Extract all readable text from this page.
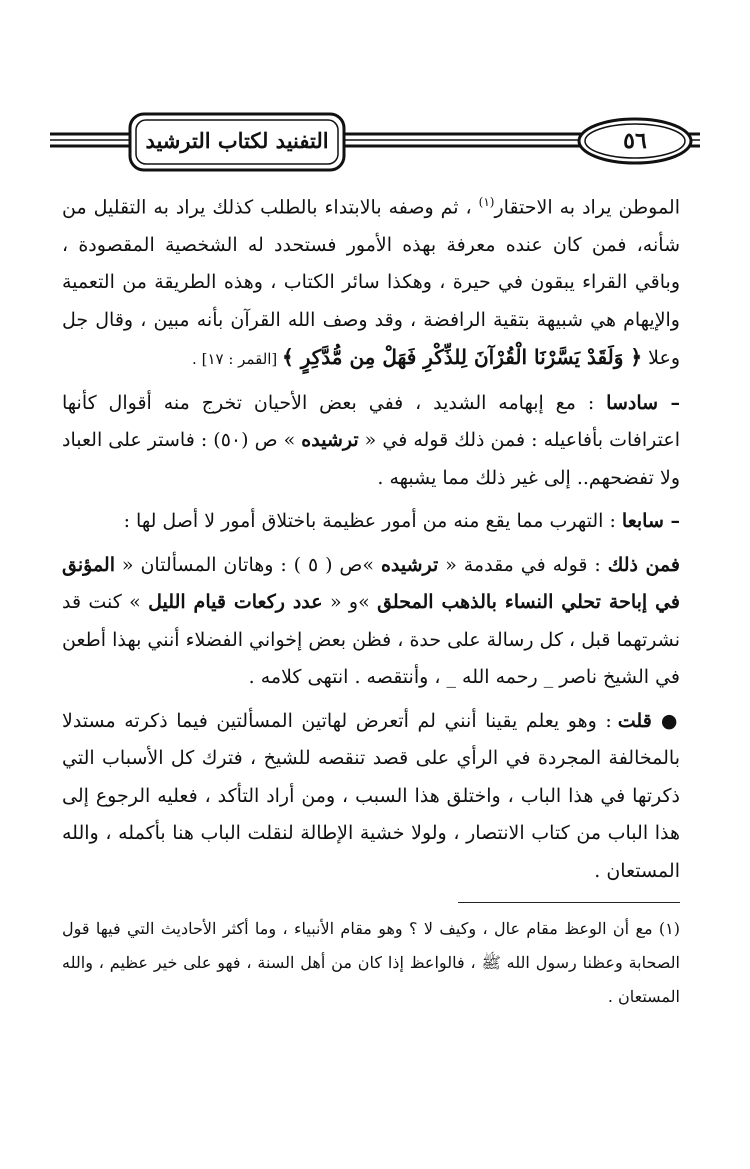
التفنيد لكتاب الترشيد	٥٦

الموطن يراد به الاحتقار$^{(١)}$ ، ثم وصفه بالابتداء بالطلب كذلك يراد به التقليل من شأنه، فمن كان عنده معرفة بهذه الأمور فستحدد له الشخصية المقصودة ، وباقي القراء يبقون في حيرة ، وهكذا سائر الكتاب ، وهذه الطريقة من التعمية والإيهام هي شبيهة بتقية الرافضة ، وقد وصف الله القرآن بأنه مبين ، وقال جل وعلا ﴿ وَلَقَدْ يَسَّرْنَا الْقُرْآنَ لِلذِّكْرِ فَهَلْ مِن مُّدَّكِرٍ ﴾ [القمر : ١٧] .

– سادسا : مع إبهامه الشديد ، ففي بعض الأحيان تخرج منه أقوال كأنها اعترافات بأفاعيله : فمن ذلك قوله في « ترشيده » ص (٥٠) : فاستر على العباد ولا تفضحهم.. إلى غير ذلك مما يشبهه .

– سابعا : التهرب مما يقع منه من أمور عظيمة باختلاق أمور لا أصل لها :

فمن ذلك : قوله في مقدمة « ترشيده »ص ( ٥ ) : وهاتان المسألتان « المؤنق في إباحة تحلي النساء بالذهب المحلق »و « عدد ركعات قيام الليل » كنت قد نشرتهما قبل ، كل رسالة على حدة ، فظن بعض إخواني الفضلاء أنني بهذا أطعن في الشيخ ناصر _ رحمه الله _ ، وأنتقصه . انتهى كلامه .

● قلت : وهو يعلم يقينا أنني لم أتعرض لهاتين المسألتين فيما ذكرته مستدلا بالمخالفة المجردة في الرأي على قصد تنقصه للشيخ ، فترك كل الأسباب التي ذكرتها في هذا الباب ، واختلق هذا السبب ، ومن أراد التأكد ، فعليه الرجوع إلى هذا الباب من كتاب الانتصار ، ولولا خشية الإطالة لنقلت الباب هنا بأكمله ، والله المستعان .

(١) مع أن الوعظ مقام عال ، وكيف لا ؟ وهو مقام الأنبياء ، وما أكثر الأحاديث التي فيها قول الصحابة وعظنا رسول الله ﷺ ، فالواعظ إذا كان من أهل السنة ، فهو على خير عظيم ، والله المستعان .
